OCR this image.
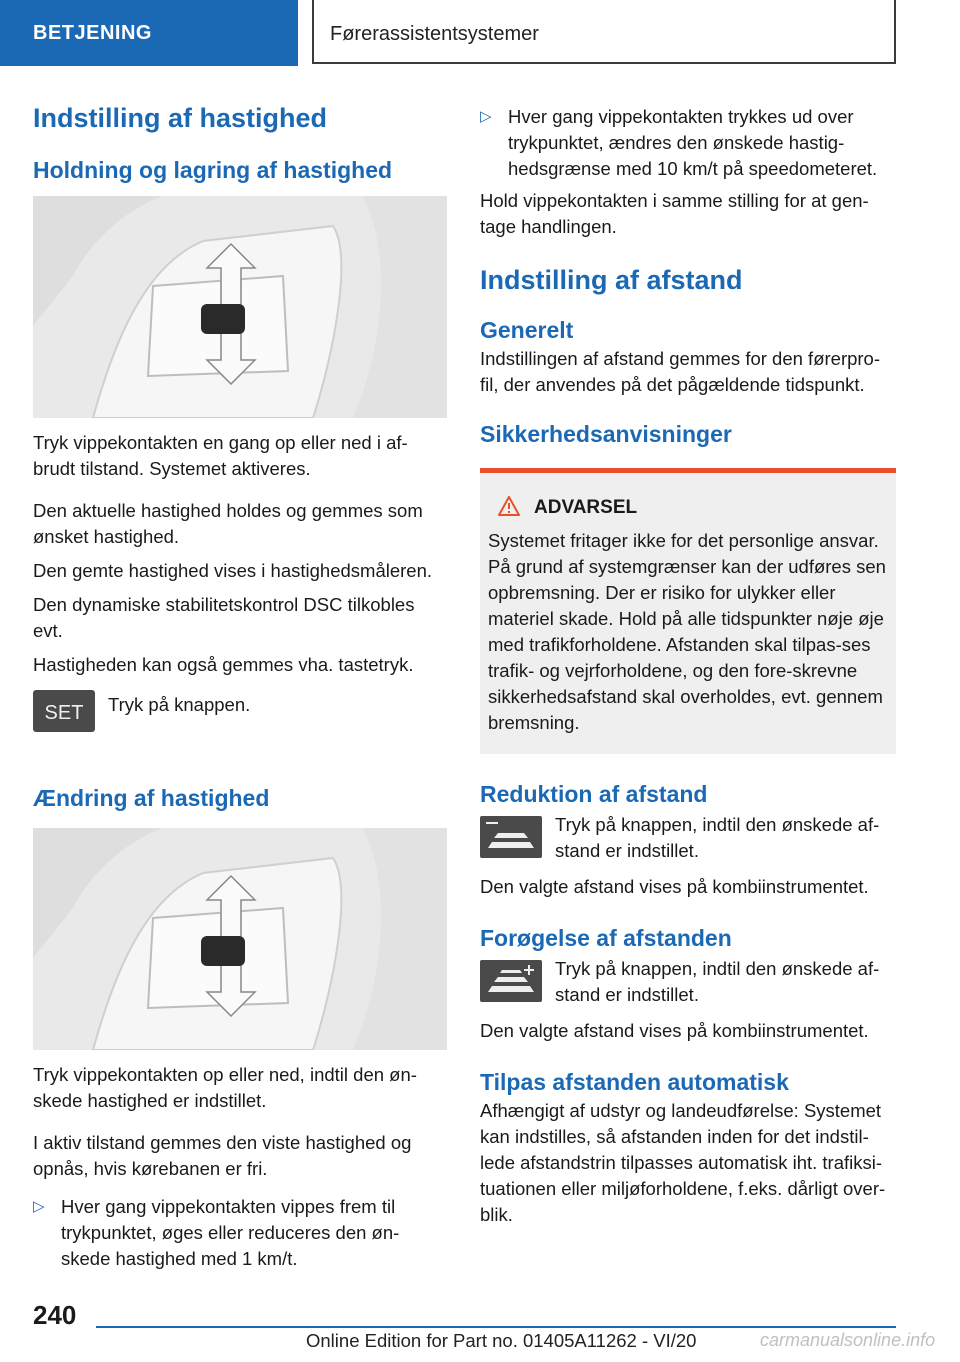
BETJENING	Førerassistentsystemer
Indstilling af hastighed
Holdning og lagring af hastighed

Tryk vippekontakten en gang op eller ned i af-brudt tilstand. Systemet aktiveres.

Den aktuelle hastighed holdes og gemmes som ønsket hastighed.

Den gemte hastighed vises i hastighedsmåleren.

Den dynamiske stabilitetskontrol DSC tilkobles evt.

Hastigheden kan også gemmes vha. tastetryk.

SET Tryk på knappen.
Ændring af hastighed

Tryk vippekontakten op eller ned, indtil den øn-skede hastighed er indstillet.

I aktiv tilstand gemmes den viste hastighed og opnås, hvis kørebanen er fri.

▷ Hver gang vippekontakten vippes frem til trykpunktet, øges eller reduceres den øn-skede hastighed med 1 km/t.
▷ Hver gang vippekontakten trykkes ud over trykpunktet, ændres den ønskede hastig-hedsgrænse med 10 km/t på speedometeret.

Hold vippekontakten i samme stilling for at gen-tage handlingen.

Indstilling af afstand
Generelt

Indstillingen af afstand gemmes for den førerpro-fil, der anvendes på det pågældende tidspunkt.

Sikkerhedsanvisninger
ADVARSEL

Systemet fritager ikke for det personlige ansvar. På grund af systemgrænser kan der udføres sen opbremsning. Der er risiko for ulykker eller materiel skade. Hold på alle tidspunkter nøje øje med trafikforholdene. Afstanden skal tilpas-ses trafik- og vejrforholdene, og den fore-skrevne sikkerhedsafstand skal overholdes, evt. gennem bremsning.

Reduktion af afstand
Tryk på knappen, indtil den ønskede af-stand er indstillet.

Den valgte afstand vises på kombiinstrumentet.

Forøgelse af afstanden
Tryk på knappen, indtil den ønskede af-stand er indstillet.

Den valgte afstand vises på kombiinstrumentet.

Tilpas afstanden automatisk

Afhængigt af udstyr og landeudførelse: Systemet kan indstilles, så afstanden inden for det indstil-lede afstandstrin tilpasses automatisk iht. trafiksi-tuationen eller miljøforholdene, f.eks. dårligt over-blik.

240
Online Edition for Part no. 01405A11262 - VI/20	carmanualsonline.info
